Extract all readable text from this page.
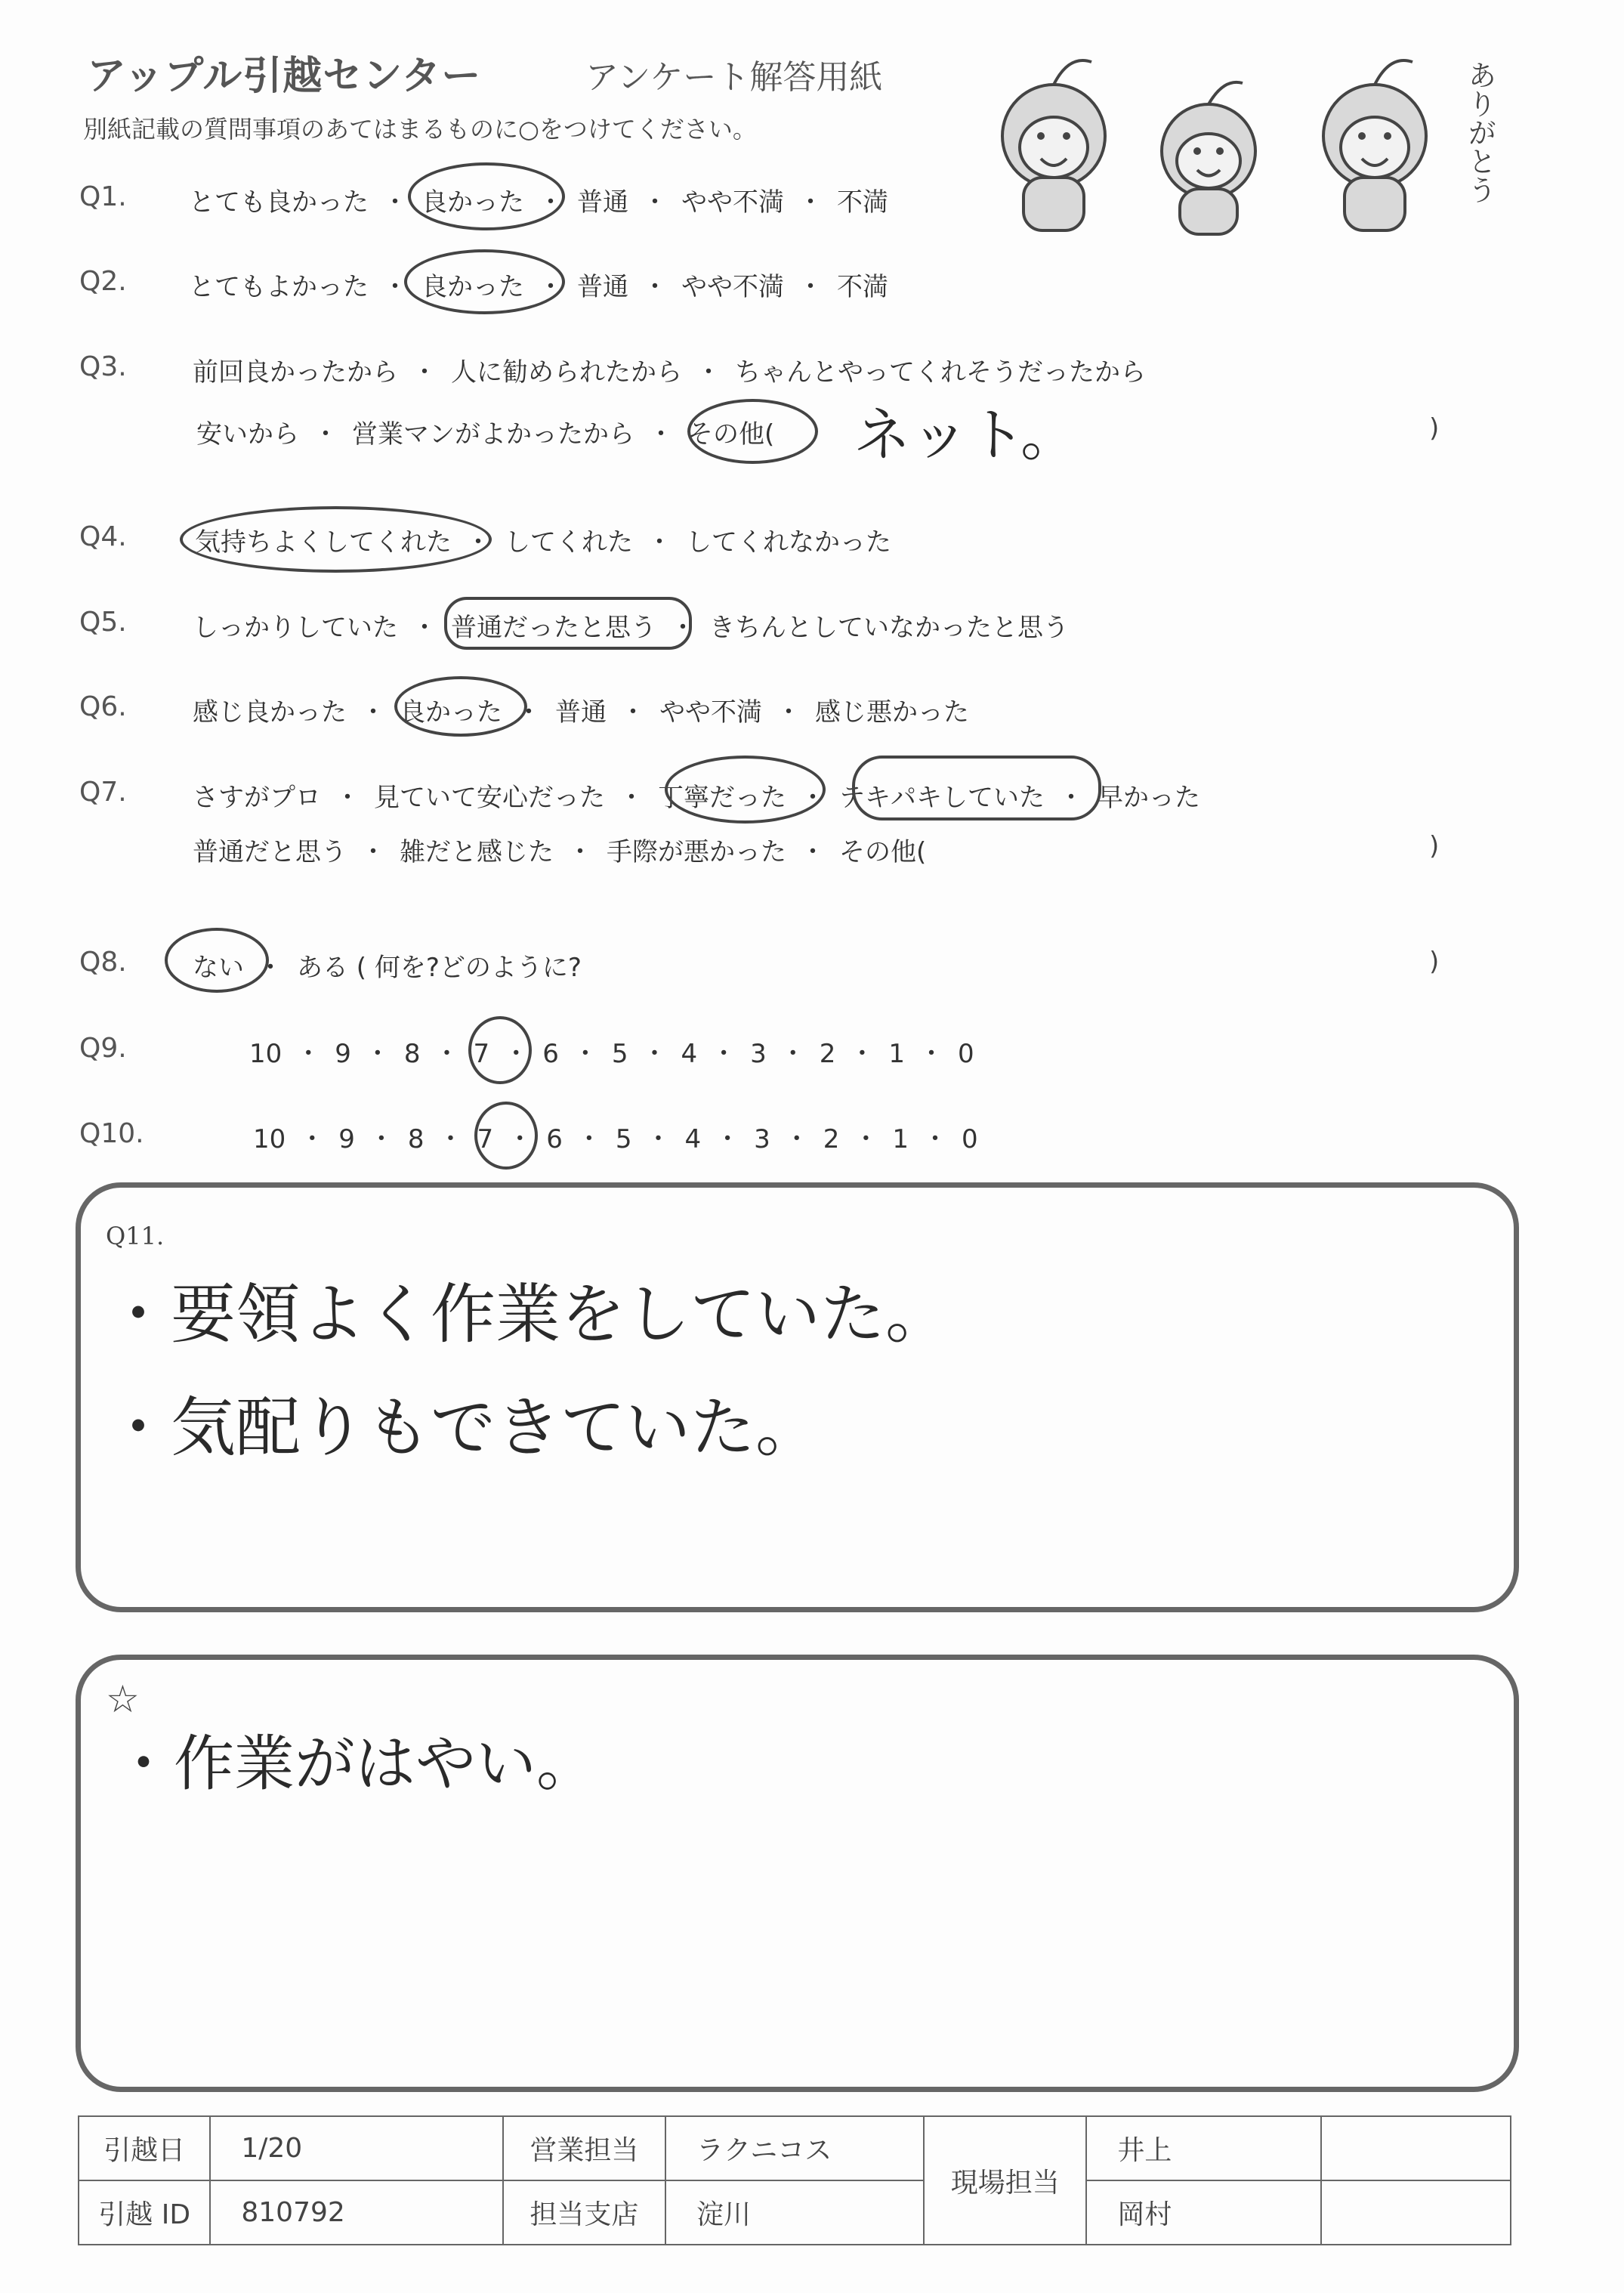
アップル引越センター	アンケート解答用紙
別紙記載の質問事項のあてはまるものに○をつけてください。	ありがとう
Q1. とても良かった ・ 良かった ・ 普通 ・ やや不満 ・ 不満
Q2. とてもよかった ・ 良かった ・ 普通 ・ やや不満 ・ 不満
Q3.	前回良かったから ・ 人に勧められたから ・ ちゃんとやってくれそうだったから
安いから ・ 営業マンがよかったから ・ その他( ネット。	)
Q4.	気持ちよくしてくれた ・ してくれた ・ してくれなかった
Q5.	しっかりしていた ・ 普通だったと思う ・ きちんとしていなかったと思う
Q6.	感じ良かった ・ 良かった ・ 普通 ・ やや不満 ・ 感じ悪かった
Q7.	さすがプロ ・ 見ていて安心だった ・ 丁寧だった ・ テキパキしていた ・ 早かった
普通だと思う ・ 雑だと感じた ・ 手際が悪かった ・ その他(	)
Q8.	ない ・ ある ( 何を?どのように?	)
Q9.	10 ・ 9 ・ 8 ・ 7 ・ 6 ・ 5 ・ 4 ・ 3 ・ 2 ・ 1 ・ 0
Q10.	10 ・ 9 ・ 8 ・ 7 ・ 6 ・ 5 ・ 4 ・ 3 ・ 2 ・ 1 ・ 0
Q11.
・要領よく作業をしていた。
・気配りもできていた。
☆
・作業がはやい。
引越日	1/20	営業担当	ラクニコス	現場担当	井上	
引越 ID	810792	担当支店	淀川		岡村	
